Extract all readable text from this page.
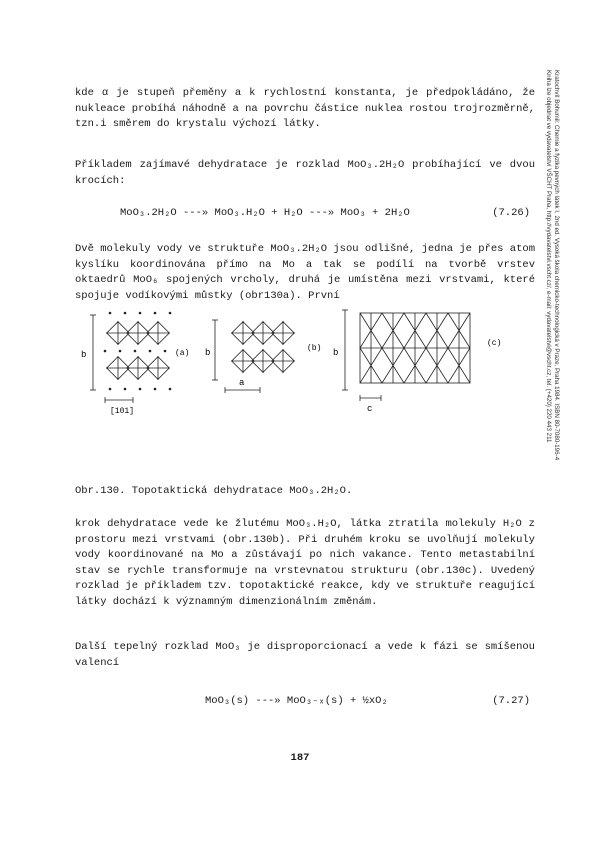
Kratochvíl Bohumil: Chemie a fyzika pevných látek I, 2nd ed. Vysoká škola chemicko-technologická v Praze, Praha 1984. ISBN 80-7080-196-4
Kniha lze objednat ve vydavatelství VŠCHT Praha, http://vydavatelstvi.vscht.cz/, e-mail: vydavatelstvi@vscht.cz, tel. (+420) 220 443 211

kde α je stupeň přeměny a k rychlostní konstanta, je předpokládáno, že nukleace probíhá náhodně a na povrchu částice nuklea rostou trojrozměrně, tzn.i směrem do krystalu výchozí látky.

Příkladem zajímavé dehydratace je rozklad MoO₃.2H₂O probíhající ve dvou krocích:

MoO₃.2H₂O ---» MoO₃.H₂O + H₂O ---» MoO₃ + 2H₂O	(7.26)

Dvě molekuly vody ve struktuře MoO₃.2H₂O jsou odlišné, jedna je přes atom kyslíku koordinována přímo na Mo a tak se podílí na tvorbě vrstev oktaedrů MoO₆ spojených vrcholy, druhá je umístěna mezi vrstvami, které spojuje vodíkovými můstky (obr130a). První

b	(a)
[101]
b
a
(b) b
c
(c)
Obr.130. Topotaktická dehydratace MoO₃.2H₂O.

krok dehydratace vede ke žlutému MoO₃.H₂O, látka ztratila molekuly H₂O z prostoru mezi vrstvami (obr.130b). Při druhém kroku se uvolňují molekuly vody koordinované na Mo a zůstávají po nich vakance. Tento metastabilní stav se rychle transformuje na vrstevnatou strukturu (obr.130c). Uvedený rozklad je příkladem tzv. topotaktické reakce, kdy ve struktuře reagující látky dochází k významným dimenzionálním změnám.

Další tepelný rozklad MoO₃ je disproporcionací a vede k fázi se smíšenou valencí

MoO₃(s) ---» MoO₃₋ₓ(s) + ½xO₂	(7.27)
187
